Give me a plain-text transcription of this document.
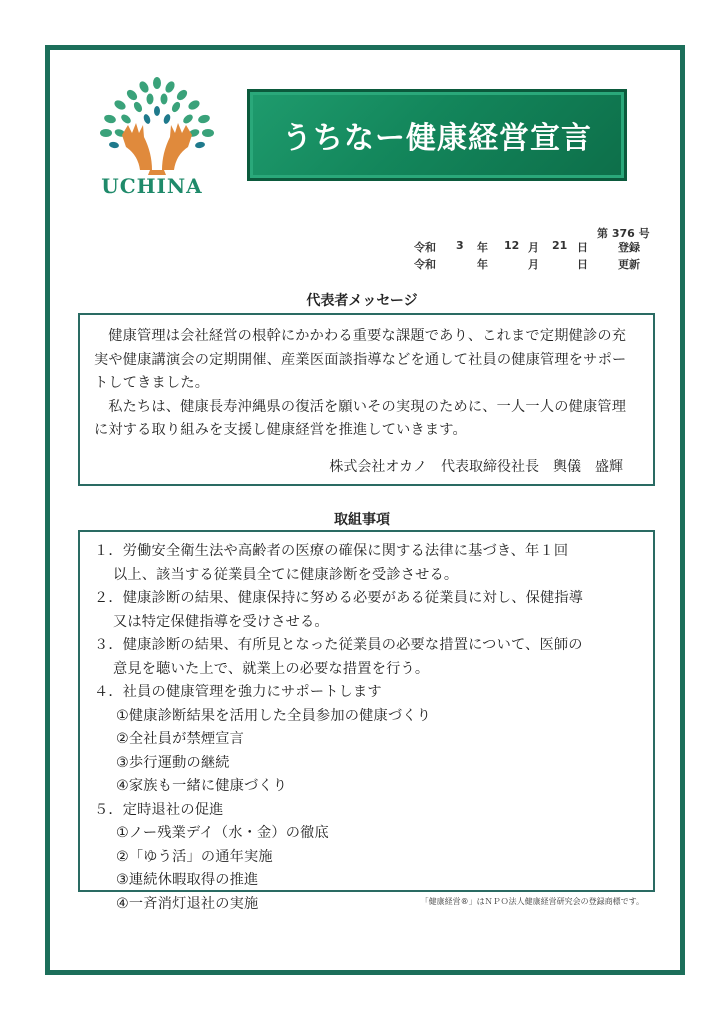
UCHINA
うちなー健康経営宣言
第 376 号
令和 3 年 12 月 21 日	登録
令和	年	月	日	更新
代表者メッセージ

健康管理は会社経営の根幹にかかわる重要な課題であり、これまで定期健診の充実や健康講演会の定期開催、産業医面談指導などを通して社員の健康管理をサポートしてきました。

私たちは、健康長寿沖縄県の復活を願いその実現のために、一人一人の健康管理に対する取り組みを支援し健康経営を推進していきます。

株式会社オカノ　代表取締役社長　輿儀　盛輝
取組事項
１．労働安全衛生法や高齢者の医療の確保に関する法律に基づき、年１回
以上、該当する従業員全てに健康診断を受診させる。
２．健康診断の結果、健康保持に努める必要がある従業員に対し、保健指導
又は特定保健指導を受けさせる。
３．健康診断の結果、有所見となった従業員の必要な措置について、医師の
意見を聴いた上で、就業上の必要な措置を行う。
４．社員の健康管理を強力にサポートします
①健康診断結果を活用した全員参加の健康づくり
②全社員が禁煙宣言
③歩行運動の継続
④家族も一緒に健康づくり
５．定時退社の促進
①ノー残業デイ（水・金）の徹底
②「ゆう活」の通年実施
③連続休暇取得の推進
④一斉消灯退社の実施	「健康経営®」はＮＰＯ法人健康経営研究会の登録商標です。
